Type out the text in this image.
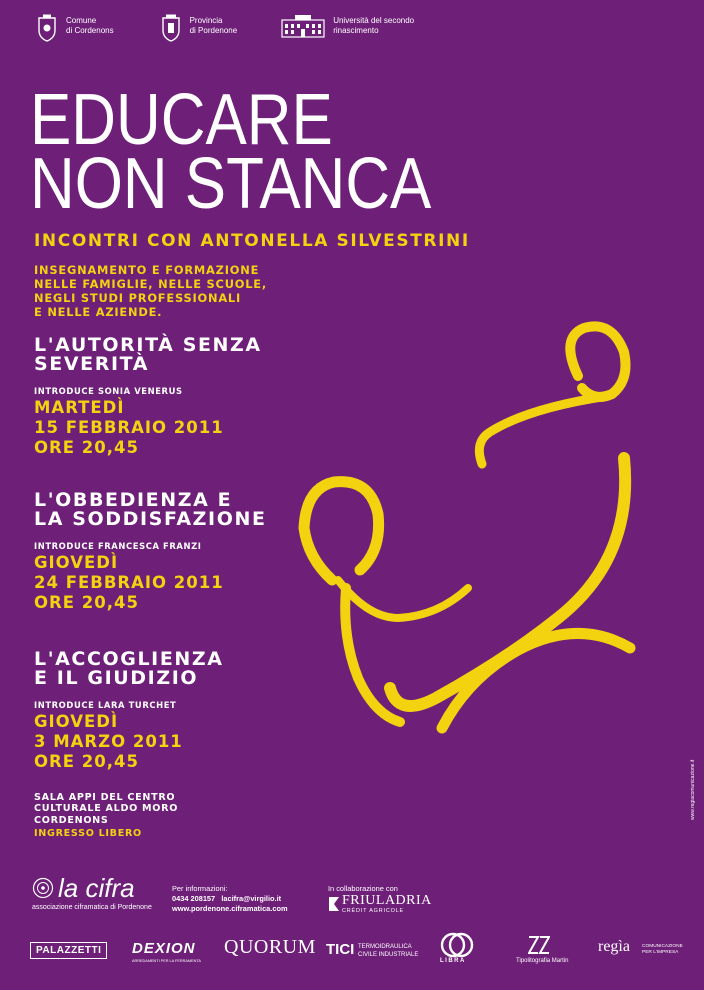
Comune
di Cordenons
Provincia
di Pordenone
Università del secondo
rinascimento
EDUCARE
NON STANCA
INCONTRI CON ANTONELLA SILVESTRINI
INSEGNAMENTO E FORMAZIONE
NELLE FAMIGLIE, NELLE SCUOLE,
NEGLI STUDI PROFESSIONALI
E NELLE AZIENDE.
L'AUTORITÀ SENZA
SEVERITÀ
INTRODUCE SONIA VENERUS
MARTEDÌ
15 FEBBRAIO 2011
ORE 20,45
L'OBBEDIENZA E
LA SODDISFAZIONE
INTRODUCE FRANCESCA FRANZI
GIOVEDÌ
24 FEBBRAIO 2011
ORE 20,45
L'ACCOGLIENZA
E IL GIUDIZIO
INTRODUCE LARA TURCHET
GIOVEDÌ
3 MARZO 2011
ORE 20,45
SALA APPI DEL CENTRO
CULTURALE ALDO MORO
CORDENONS
INGRESSO LIBERO
www.regiacomunicazione.it
la cifra
associazione ciframatica di Pordenone
Per informazioni:
0434 208157 lacifra@virgilio.it
www.pordenone.ciframatica.com
In collaborazione con
FRIULADRIA
CRÉDIT AGRICOLE
PALAZZETTI	DEXION
ARREDAMENTI PER LA FERRAMENTA
QUORUM TICI TERMOIDRAULICA
CIVILE INDUSTRIALE
LIBRA	Tipolitografia Martin
regìa	COMUNICAZIONE
PER L'IMPRESA
